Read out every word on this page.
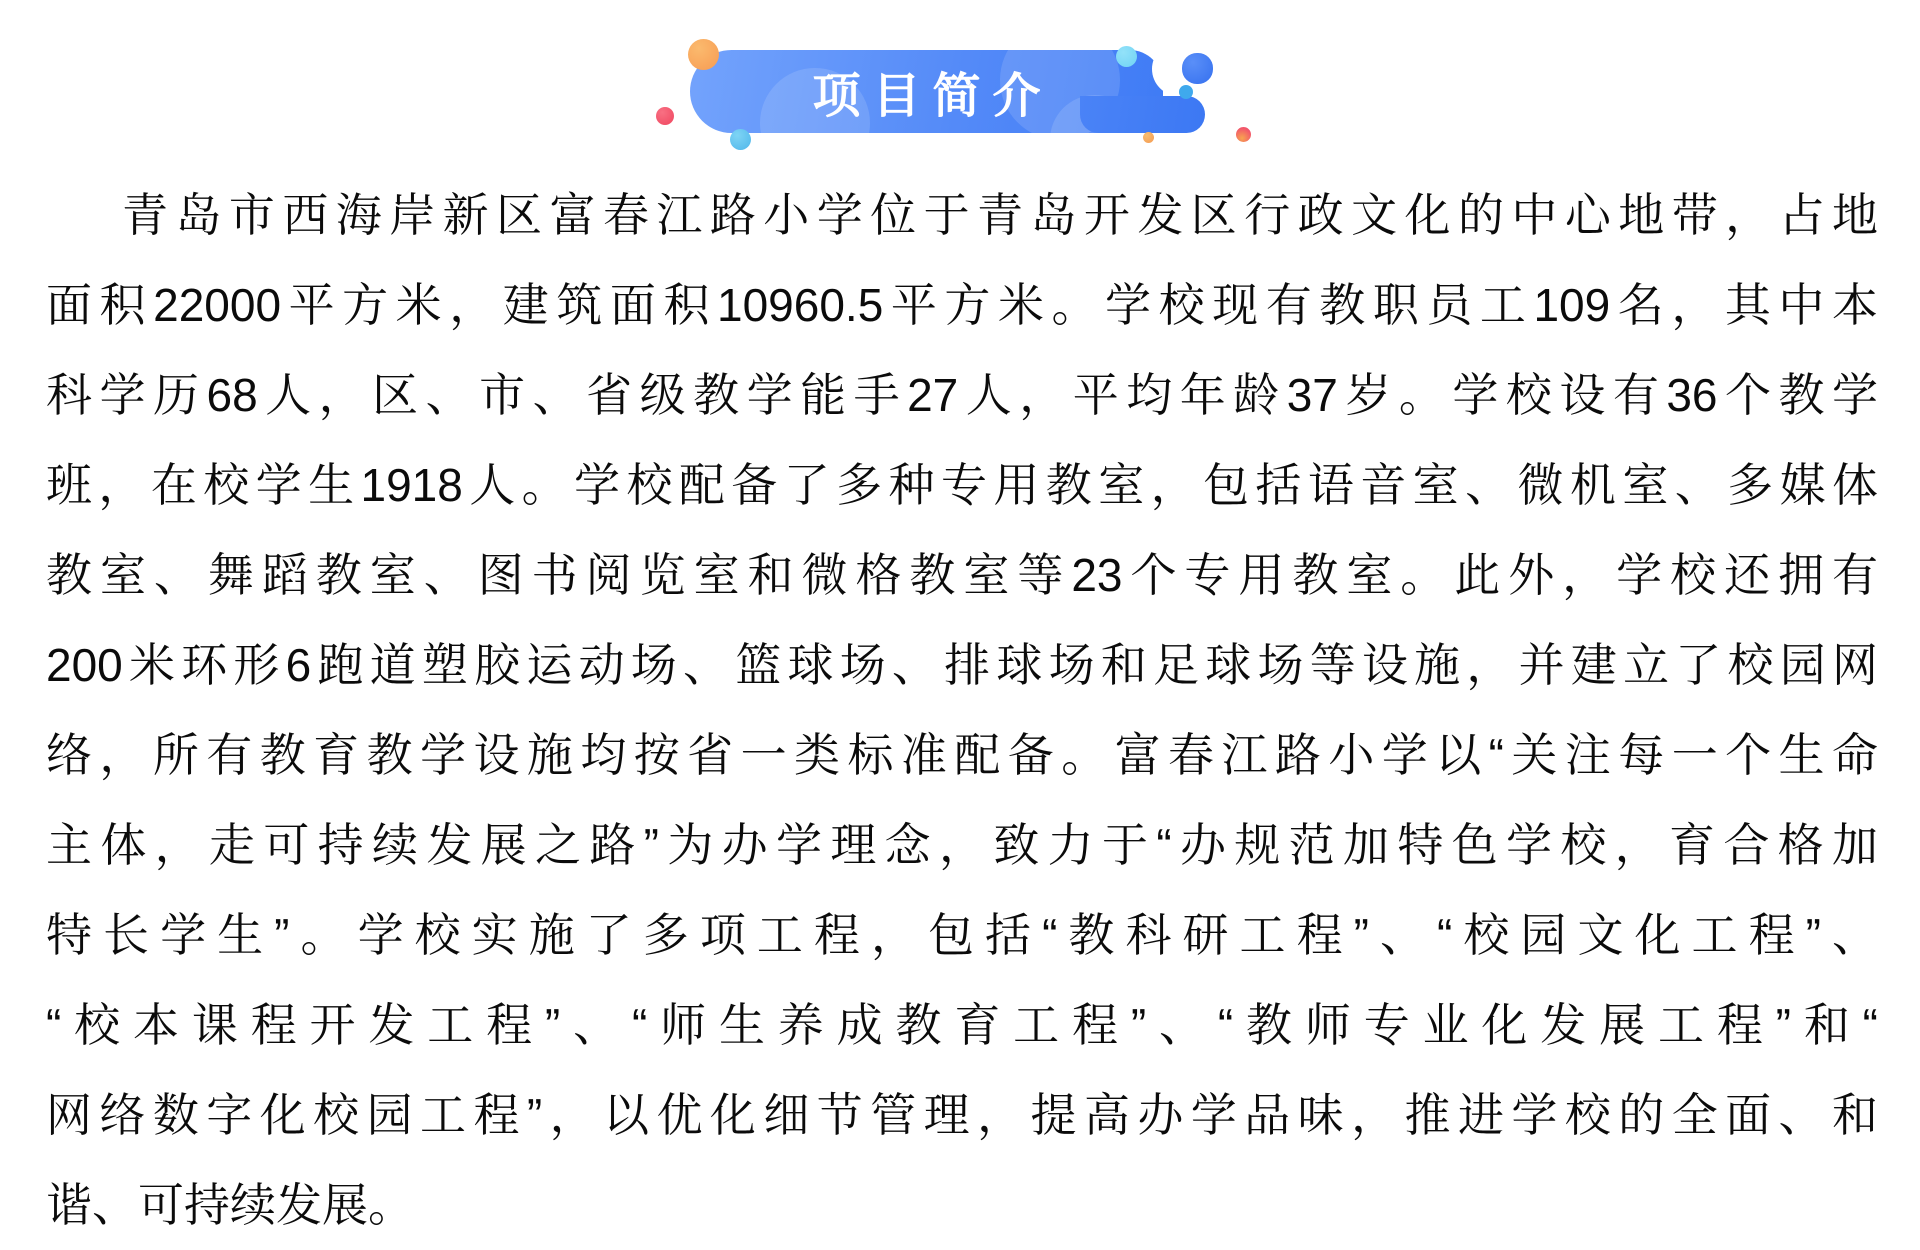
项目简介
青岛市西海岸新区富春江路小学位于青岛开发区行政文化的中心地带，占地
面积22000平方米，建筑面积10960.5平方米。学校现有教职员工109名，其中本
科学历68人，区、市、省级教学能手27人，平均年龄37岁。学校设有36个教学
班，在校学生1918人。学校配备了多种专用教室，包括语音室、微机室、多媒体
教室、舞蹈教室、图书阅览室和微格教室等23个专用教室。此外，学校还拥有
200米环形6跑道塑胶运动场、篮球场、排球场和足球场等设施，并建立了校园网
络，所有教育教学设施均按省一类标准配备。富春江路小学以“关注每一个生命
主体，走可持续发展之路”为办学理念，致力于“办规范加特色学校，育合格加
特长学生”。学校实施了多项工程，包括“教科研工程”、“校园文化工程”、
“校本课程开发工程”、“师生养成教育工程”、“教师专业化发展工程”和“
网络数字化校园工程”，以优化细节管理，提高办学品味，推进学校的全面、和
谐、可持续发展。
